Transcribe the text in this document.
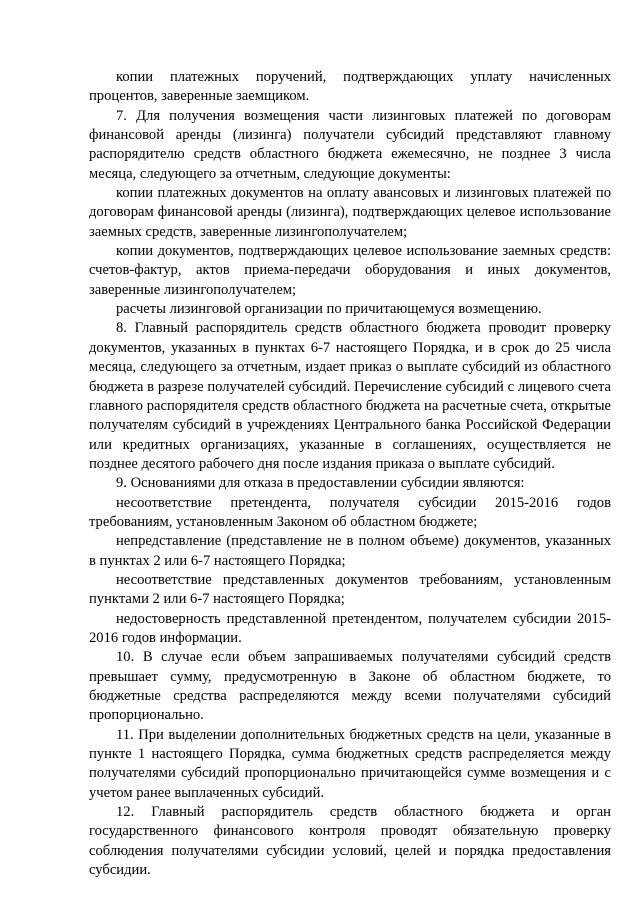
копии платежных поручений, подтверждающих уплату начисленных процентов, заверенные заемщиком.

7. Для получения возмещения части лизинговых платежей по договорам финансовой аренды (лизинга) получатели субсидий представляют главному распорядителю средств областного бюджета ежемесячно, не позднее 3 числа месяца, следующего за отчетным, следующие документы:

копии платежных документов на оплату авансовых и лизинговых платежей по договорам финансовой аренды (лизинга), подтверждающих целевое использование заемных средств, заверенные лизингополучателем;

копии документов, подтверждающих целевое использование заемных средств: счетов-фактур, актов приема-передачи оборудования и иных документов, заверенные лизингополучателем;

расчеты лизинговой организации по причитающемуся возмещению.

8. Главный распорядитель средств областного бюджета проводит проверку документов, указанных в пунктах 6-7 настоящего Порядка, и в срок до 25 числа месяца, следующего за отчетным, издает приказ о выплате субсидий из областного бюджета в разрезе получателей субсидий. Перечисление субсидий с лицевого счета главного распорядителя средств областного бюджета на расчетные счета, открытые получателям субсидий в учреждениях Центрального банка Российской Федерации или кредитных организациях, указанные в соглашениях, осуществляется не позднее десятого рабочего дня после издания приказа о выплате субсидий.

9. Основаниями для отказа в предоставлении субсидии являются:

несоответствие претендента, получателя субсидии 2015-2016 годов требованиям, установленным Законом об областном бюджете;

непредставление (представление не в полном объеме) документов, указанных в пунктах 2 или 6-7 настоящего Порядка;

несоответствие представленных документов требованиям, установленным пунктами 2 или 6-7 настоящего Порядка;

недостоверность представленной претендентом, получателем субсидии 2015-2016 годов информации.

10. В случае если объем запрашиваемых получателями субсидий средств превышает сумму, предусмотренную в Законе об областном бюджете, то бюджетные средства распределяются между всеми получателями субсидий пропорционально.

11. При выделении дополнительных бюджетных средств на цели, указанные в пункте 1 настоящего Порядка, сумма бюджетных средств распределяется между получателями субсидий пропорционально причитающейся сумме возмещения и с учетом ранее выплаченных субсидий.

12. Главный распорядитель средств областного бюджета и орган государственного финансового контроля проводят обязательную проверку соблюдения получателями субсидии условий, целей и порядка предоставления субсидии.
